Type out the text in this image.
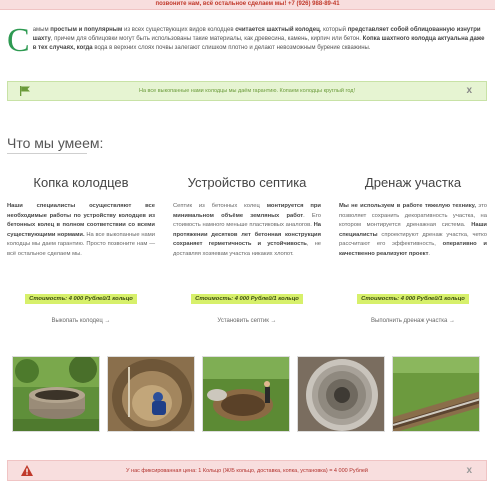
позвоните нам, всё остальное сделаем мы! +7 (926) 988-89-41
Самым простым и популярным из всех существующих видов колодцев считается шахтный колодец, который представляет собой облицованную изнутри шахту, причем для облицовки могут быть использованы такие материалы, как древесина, камень, кирпич или бетон. Копка шахтного колодца актуальна даже в тех случаях, когда вода в верхних слоях почвы залегают слишком плотно и делают невозможным бурение скважины.
На все выкопанные нами колодцы мы даём гарантию. Копаем колодцы круглый год!	x
Что мы умеем:
Копка колодцев

Наши специалисты осуществляют все необходимые работы по устройству колодцев из бетонных колец в полном соответствии со всеми существующими нормами. На все выкопанные нами колодцы мы даем гарантию. Просто позвоните нам — всё остальное сделаем мы.

Стоимость: 4 000 Рублей/1 кольцо
Выкопать колодец →
Устройство септика

Септик из бетонных колец монтируется при минимальном объёме земляных работ. Его стоимость намного меньше пластиковых аналогов. На протяжении десятков лет бетонная конструкция сохраняет герметичность и устойчивость, не доставляя хозяевам участка никаких хлопот.

Стоимость: 4 000 Рублей/1 кольцо
Установить септик →
Дренаж участка

Мы не используем в работе тяжелую технику, это позволяет сохранить декоративность участка, на котором монтируется дренажная система. Наши специалисты спроектируют дренаж участка, четко рассчитают его эффективность, оперативно и качественно реализуют проект.

Стоимость: 4 000 Рублей/1 кольцо
Выполнить дренаж участка →
У нас фиксированная цена: 1 Кольцо (Ж/Б кольцо, доставка, копка, установка) = 4 000 Рублей	x
